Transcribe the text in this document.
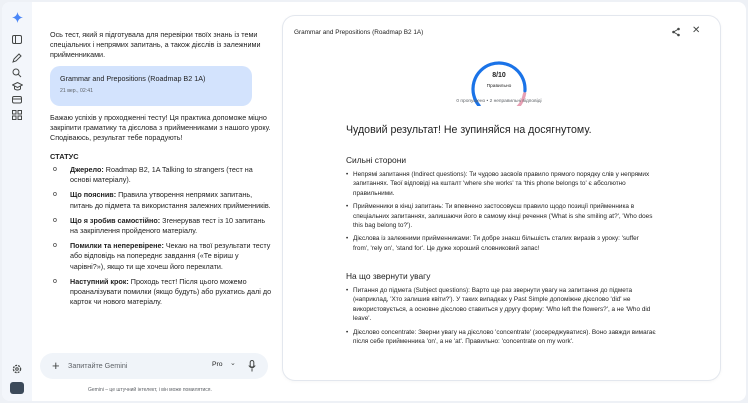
Ось тест, який я підготувала для перевірки твоїх знань із теми спеціальних і непрямих запитань, а також дієслів із залежними прийменниками.
Grammar and Prepositions (Roadmap B2 1A)
21 вер., 02:41
Бажаю успіхів у проходженні тесту! Ця практика допоможе міцно закріпити граматику та дієслова з прийменниками з нашого уроку. Сподіваюсь, результат тебе порадують!
СТАТУС
o	Джерело: Roadmap B2, 1A Talking to strangers (тест на основі матеріалу).
o	Що пояснив: Правила утворення непрямих запитань, питань до підмета та використання залежних прийменників.
o	Що я зробив самостійно: Згенерував тест із 10 запитань на закріплення пройденого матеріалу.
o	Помилки та неперевірене: Чекаю на твої результати тесту або відповідь на попереднє завдання («Те віриш у чарівні?»), якщо ти ще хочеш його переклати.
o	Наступний крок: Проходь тест! Після цього можемо проаналізувати помилки (якщо будуть) або рухатись далі до карток чи нового матеріалу.
+ Запитайте Gemini	Pro ⌄
Gemini – це штучний інтелект, і він може помилятися.
Grammar and Prepositions (Roadmap B2 1A)	✕
8/10
Правильно
0 пропущено • 2 неправильні відповіді
Чудовий результат! Не зупиняйся на досягнутому.
Сильні сторони
• Непрямі запитання (Indirect questions): Ти чудово засвоїв правило прямого порядку слів у непрямих запитаннях. Твої відповіді на кшталт 'where she works' та 'this phone belongs to' є абсолютно правильними.
• Прийменники в кінці запитань: Ти впевнено застосовуєш правило щодо позиції прийменника в спеціальних запитаннях, залишаючи його в самому кінці речення ('What is she smiling at?', 'Who does this bag belong to?').
• Дієслова із залежними прийменниками: Ти добре знаєш більшість сталих виразів з уроку: 'suffer from', 'rely on', 'stand for'. Це дуже хороший словниковий запас!
На що звернути увагу
• Питання до підмета (Subject questions): Варто ще раз звернути увагу на запитання до підмета (наприклад, 'Хто залишив квіти?'). У таких випадках у Past Simple допоміжне дієслово 'did' не використовується, а основне дієслово ставиться у другу форму: 'Who left the flowers?', а не 'Who did leave'.
• Дієслово concentrate: Зверни увагу на дієслово 'concentrate' (зосереджуватися). Воно завжди вимагає після себе прийменника 'on', а не 'at'. Правильно: 'concentrate on my work'.
